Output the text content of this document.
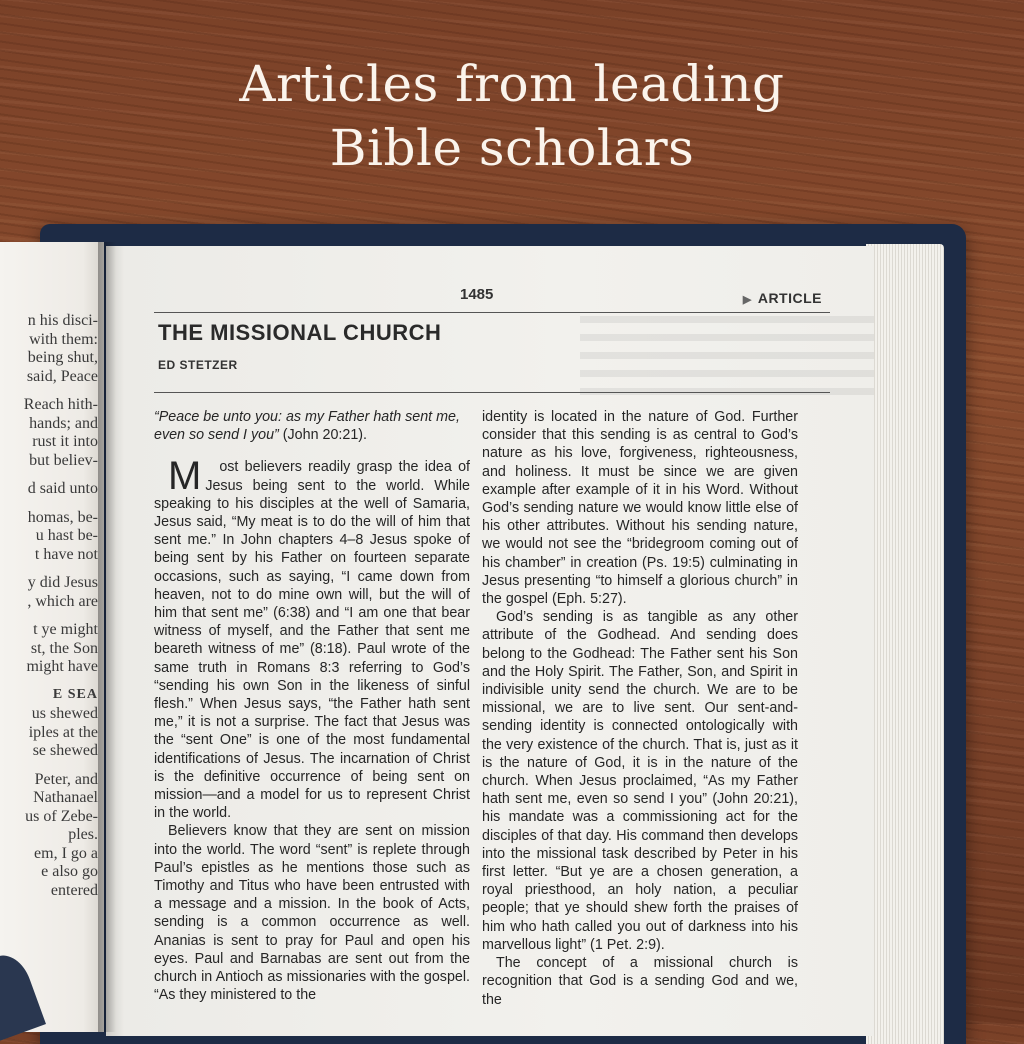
Articles from leading
Bible scholars
n his disci-
with them:
being shut,
said, Peace
Reach hith-
hands; and
rust it into
but believ-
d said unto
homas, be-
u hast be-
t have not
y did Jesus
, which are
t ye might
st, the Son
might have
E SEA
us shewed
iples at the
se shewed
Peter, and
Nathanael
us of Zebe-
ples.
em, I go a
e also go
entered
1485	▶ ARTICLE
THE MISSIONAL CHURCH
ED STETZER

“Peace be unto you: as my Father hath sent me, even so send I you” (John 20:21).

M ost believers readily grasp the idea of Jesus being sent to the world. While speaking to his disciples at the well of Samaria, Jesus said, “My meat is to do the will of him that sent me.” In John chapters 4–8 Jesus spoke of being sent by his Father on fourteen separate occasions, such as saying, “I came down from heaven, not to do mine own will, but the will of him that sent me” (6:38) and “I am one that bear witness of myself, and the Father that sent me beareth witness of me” (8:18). Paul wrote of the same truth in Romans 8:3 referring to God’s “sending his own Son in the likeness of sinful flesh.” When Jesus says, “the Father hath sent me,” it is not a surprise. The fact that Jesus was the “sent One” is one of the most fundamental identifications of Jesus. The incarnation of Christ is the definitive occurrence of being sent on mission—and a model for us to represent Christ in the world.

Believers know that they are sent on mission into the world. The word “sent” is replete through Paul’s epistles as he mentions those such as Timothy and Titus who have been entrusted with a message and a mission. In the book of Acts, sending is a common occurrence as well. Ananias is sent to pray for Paul and open his eyes. Paul and Barnabas are sent out from the church in Antioch as missionaries with the gospel. “As they ministered to the

identity is located in the nature of God. Further consider that this sending is as central to God’s nature as his love, forgiveness, righteousness, and holiness. It must be since we are given example after example of it in his Word. Without God’s sending nature we would know little else of his other attributes. Without his sending nature, we would not see the “bridegroom coming out of his chamber” in creation (Ps. 19:5) culminating in Jesus presenting “to himself a glorious church” in the gospel (Eph. 5:27).

God’s sending is as tangible as any other attribute of the Godhead. And sending does belong to the Godhead: The Father sent his Son and the Holy Spirit. The Father, Son, and Spirit in indivisible unity send the church. We are to be missional, we are to live sent. Our sent-and-sending identity is connected ontologically with the very existence of the church. That is, just as it is the nature of God, it is in the nature of the church. When Jesus proclaimed, “As my Father hath sent me, even so send I you” (John 20:21), his mandate was a commissioning act for the disciples of that day. His command then develops into the missional task described by Peter in his first letter. “But ye are a chosen generation, a royal priesthood, an holy nation, a peculiar people; that ye should shew forth the praises of him who hath called you out of darkness into his marvellous light” (1 Pet. 2:9).

The concept of a missional church is recognition that God is a sending God and we, the
